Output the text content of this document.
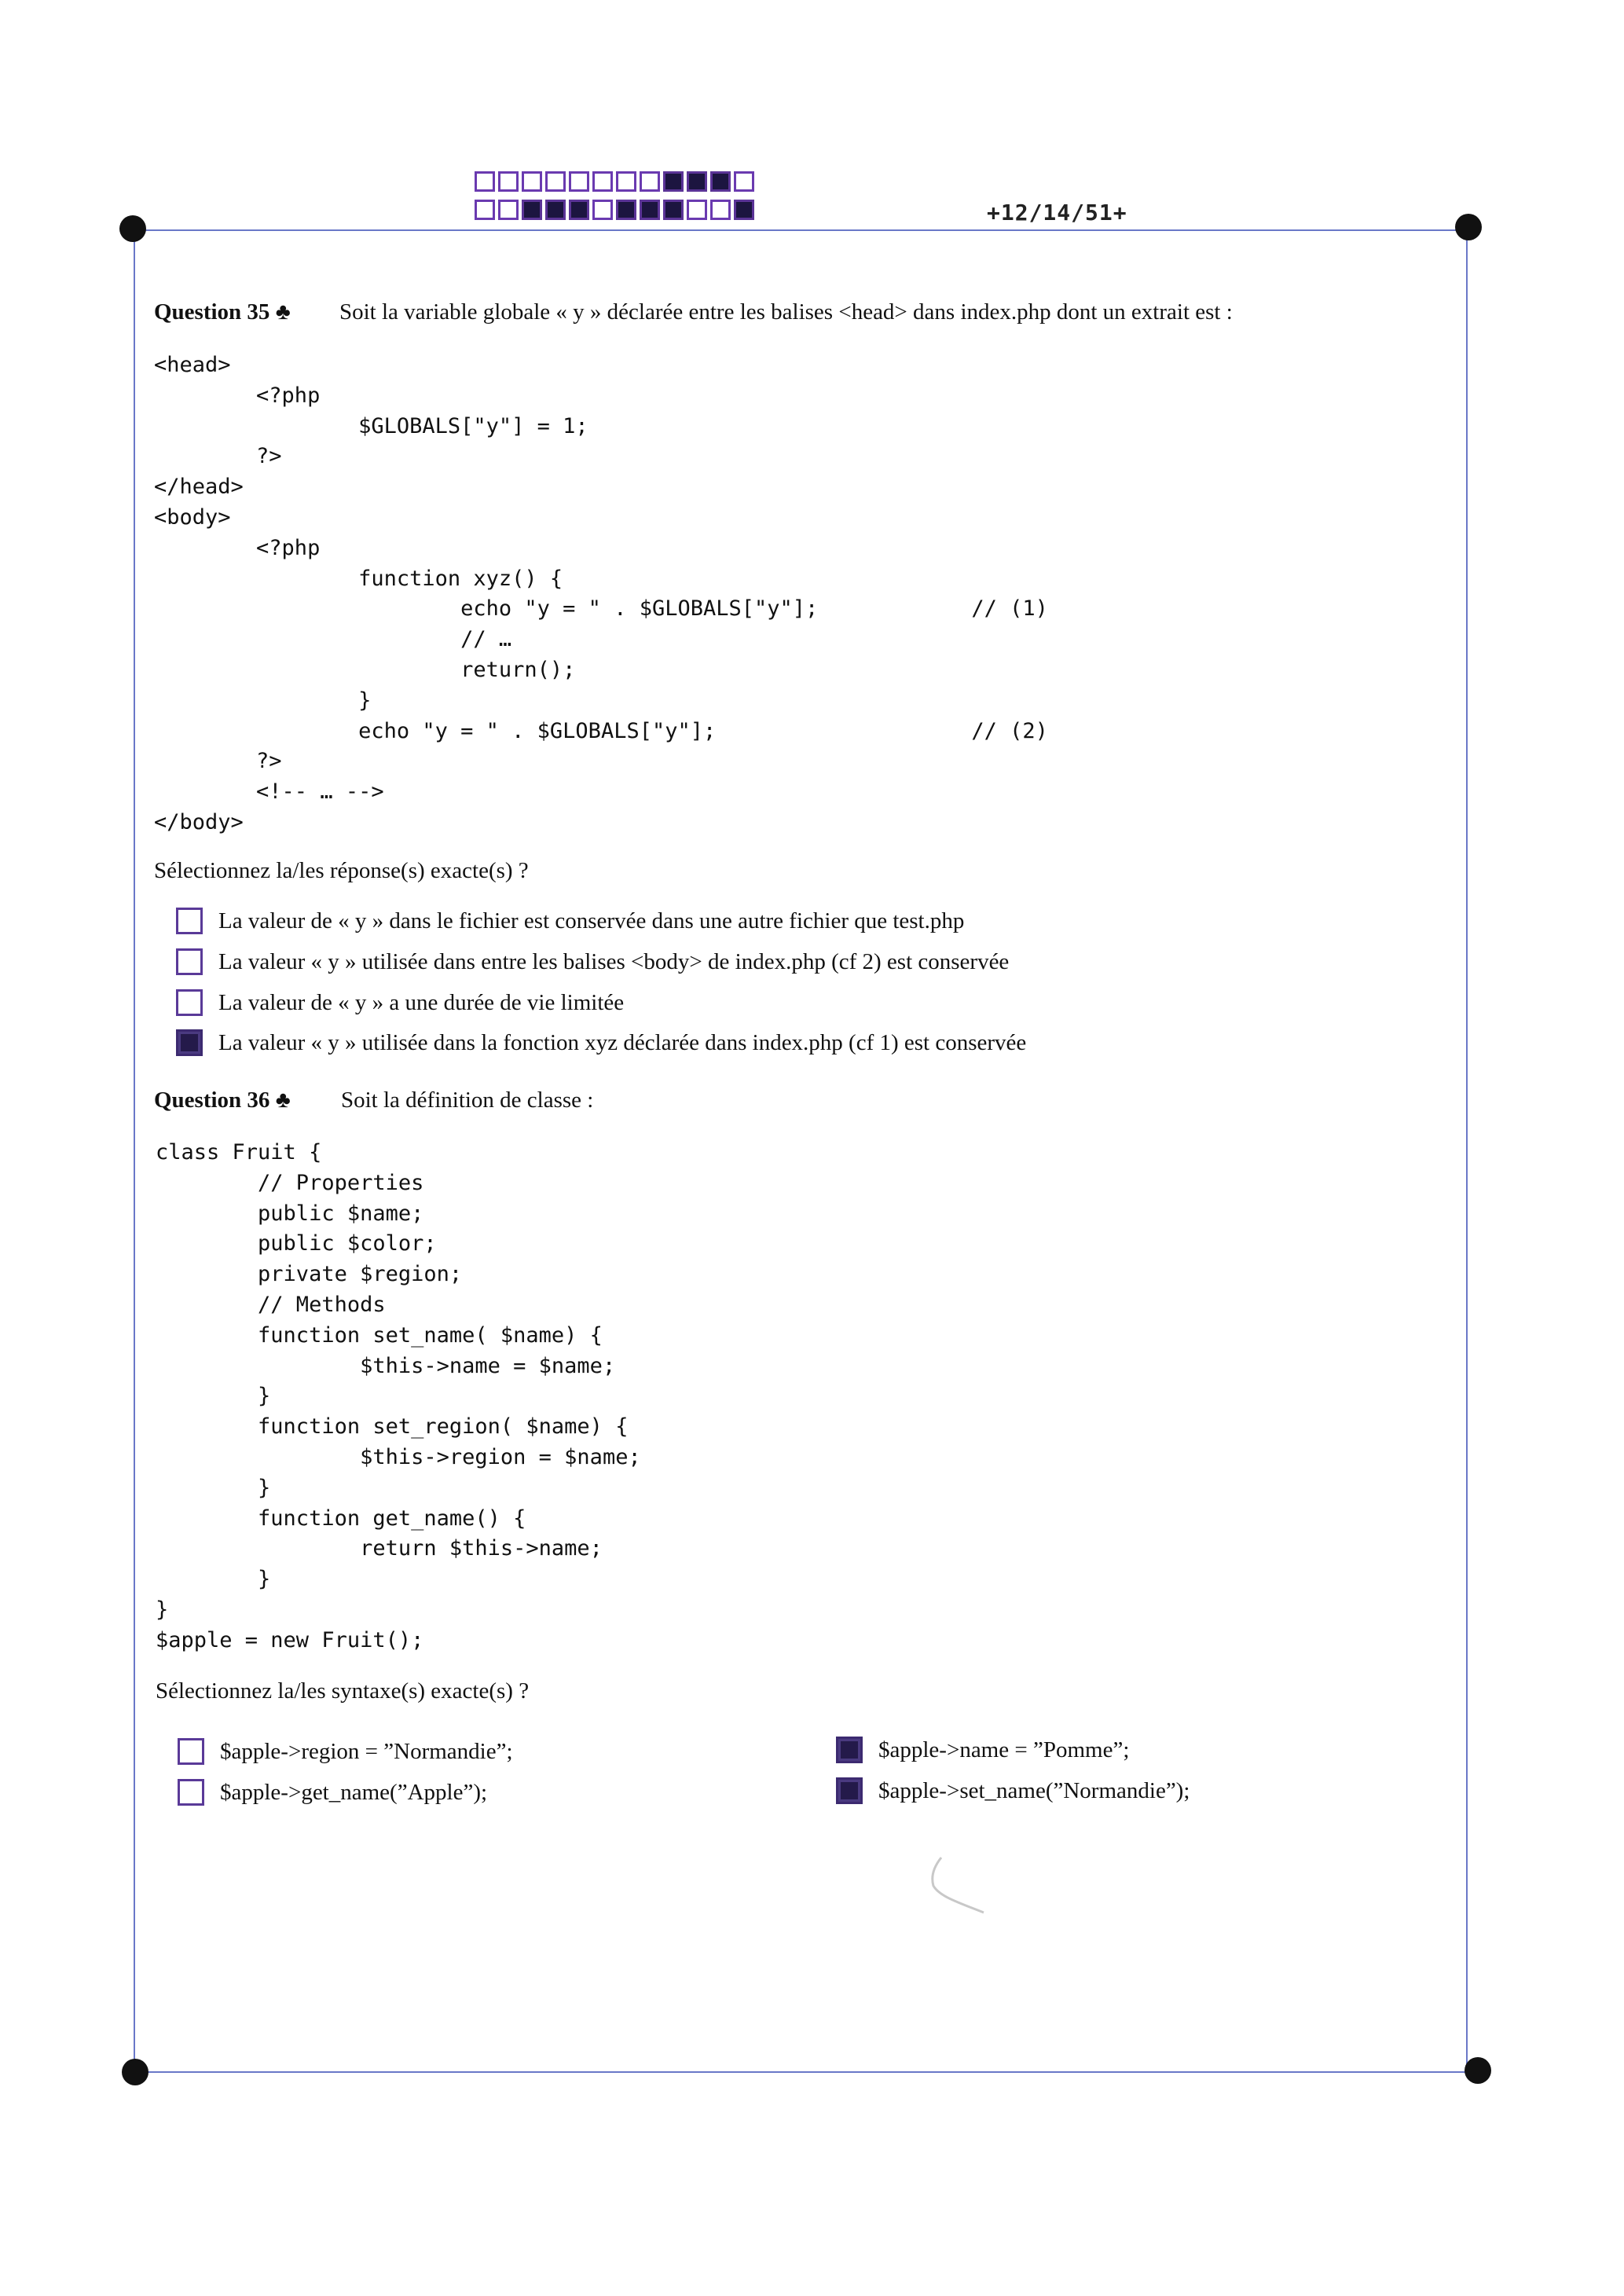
+12/14/51+
Question 35 ♣ Soit la variable globale « y » déclarée entre les balises <head> dans index.php dont un extrait est :
<head>
<?php
$GLOBALS["y"] = 1;
?>
</head>
<body>
<?php
function xyz() {
echo "y = " . $GLOBALS["y"];            // (1)
// …
return();
}
echo "y = " . $GLOBALS["y"];                    // (2)
?>
<!-- … -->
</body>
Sélectionnez la/les réponse(s) exacte(s) ?
La valeur de « y » dans le fichier est conservée dans une autre fichier que test.php
La valeur « y » utilisée dans entre les balises <body> de index.php (cf 2) est conservée
La valeur de « y » a une durée de vie limitée
La valeur « y » utilisée dans la fonction xyz déclarée dans index.php (cf 1) est conservée
Question 36 ♣ Soit la définition de classe :
class Fruit {
// Properties
public $name;
public $color;
private $region;
// Methods
function set_name( $name) {
$this->name = $name;
}
function set_region( $name) {
$this->region = $name;
}
function get_name() {
return $this->name;
}
}
$apple = new Fruit();
Sélectionnez la/les syntaxe(s) exacte(s) ?
$apple->region = ”Normandie”;	$apple->name = ”Pomme”;
$apple->get_name(”Apple”);	$apple->set_name(”Normandie”);
